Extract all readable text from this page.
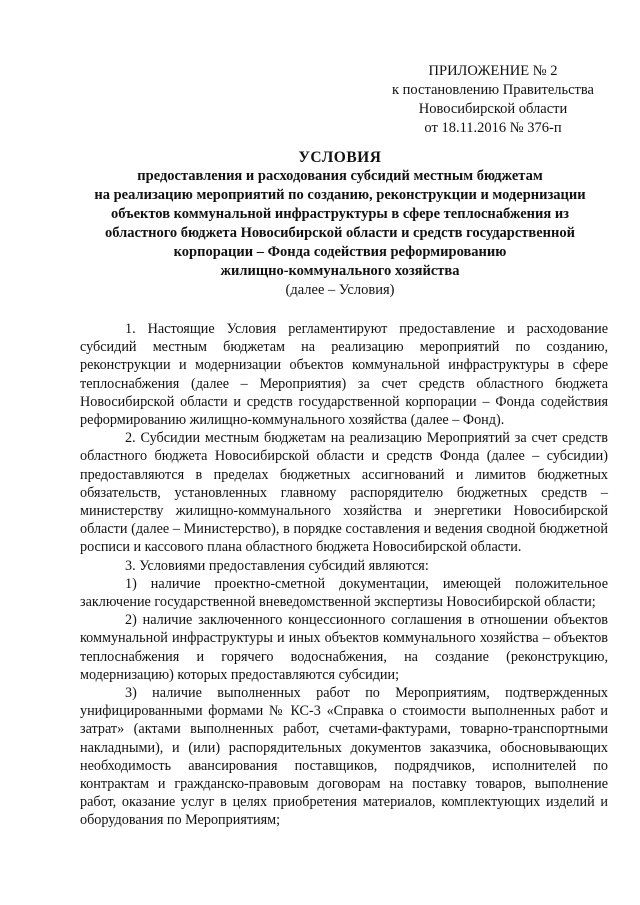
ПРИЛОЖЕНИЕ № 2
к постановлению Правительства
Новосибирской области
от 18.11.2016 № 376-п
УСЛОВИЯ
предоставления и расходования субсидий местным бюджетам
на реализацию мероприятий по созданию, реконструкции и модернизации
объектов коммунальной инфраструктуры в сфере теплоснабжения из
областного бюджета Новосибирской области и средств государственной
корпорации – Фонда содействия реформированию
жилищно-коммунального хозяйства
(далее – Условия)

1. Настоящие Условия регламентируют предоставление и расходование субсидий местным бюджетам на реализацию мероприятий по созданию, реконструкции и модернизации объектов коммунальной инфраструктуры в сфере теплоснабжения (далее – Мероприятия) за счет средств областного бюджета Новосибирской области и средств государственной корпорации – Фонда содействия реформированию жилищно-коммунального хозяйства (далее – Фонд).

2. Субсидии местным бюджетам на реализацию Мероприятий за счет средств областного бюджета Новосибирской области и средств Фонда (далее – субсидии) предоставляются в пределах бюджетных ассигнований и лимитов бюджетных обязательств, установленных главному распорядителю бюджетных средств – министерству жилищно-коммунального хозяйства и энергетики Новосибирской области (далее – Министерство), в порядке составления и ведения сводной бюджетной росписи и кассового плана областного бюджета Новосибирской области.

3. Условиями предоставления субсидий являются:

1) наличие проектно-сметной документации, имеющей положительное заключение государственной вневедомственной экспертизы Новосибирской области;

2) наличие заключенного концессионного соглашения в отношении объектов коммунальной инфраструктуры и иных объектов коммунального хозяйства – объектов теплоснабжения и горячего водоснабжения, на создание (реконструкцию, модернизацию) которых предоставляются субсидии;

3) наличие выполненных работ по Мероприятиям, подтвержденных унифицированными формами № КС-3 «Справка о стоимости выполненных работ и затрат» (актами выполненных работ, счетами-фактурами, товарно-транспортными накладными), и (или) распорядительных документов заказчика, обосновывающих необходимость авансирования поставщиков, подрядчиков, исполнителей по контрактам и гражданско-правовым договорам на поставку товаров, выполнение работ, оказание услуг в целях приобретения материалов, комплектующих изделий и оборудования по Мероприятиям;
